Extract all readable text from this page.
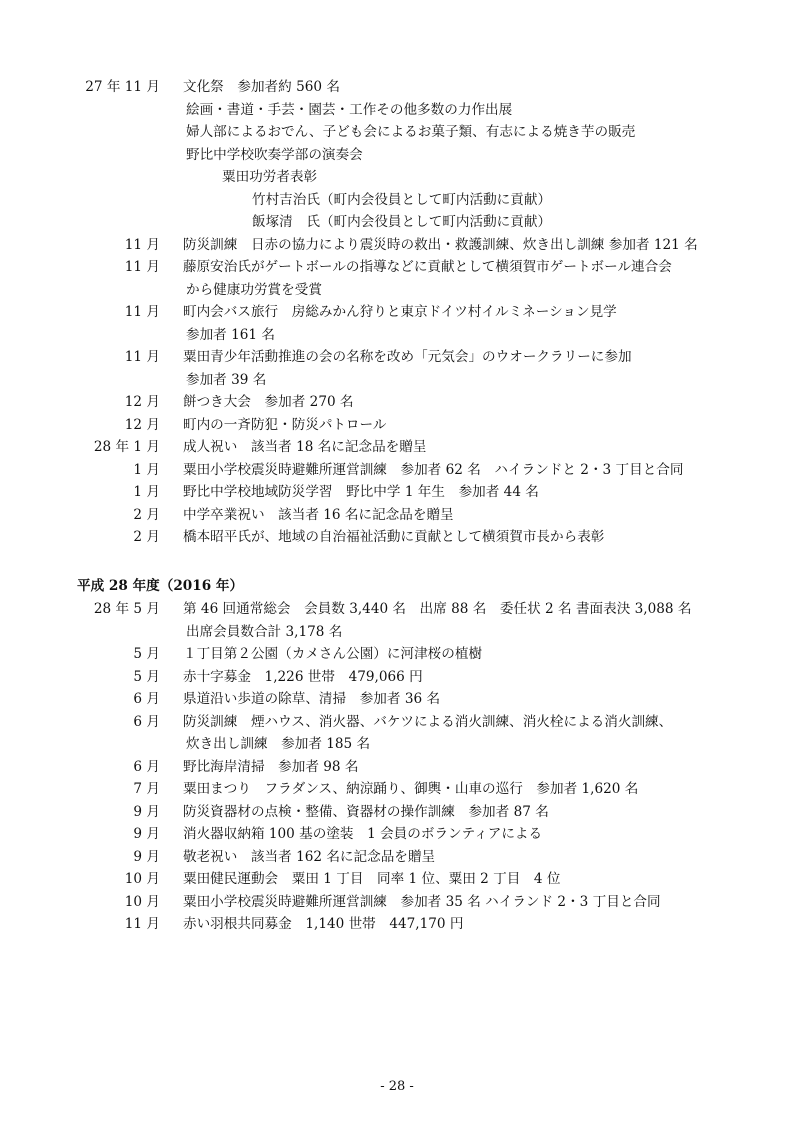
27 年 11 月 文化祭　参加者約 560 名
絵画・書道・手芸・園芸・工作その他多数の力作出展
婦人部によるおでん、子ども会によるお菓子類、有志による焼き芋の販売
野比中学校吹奏学部の演奏会
粟田功労者表彰
竹村吉治氏（町内会役員として町内活動に貢献）
飯塚清　氏（町内会役員として町内活動に貢献）
11 月 防災訓練　日赤の協力により震災時の救出・救護訓練、炊き出し訓練 参加者 121 名
11 月 藤原安治氏がゲートボールの指導などに貢献として横須賀市ゲートボール連合会
から健康功労賞を受賞
11 月 町内会バス旅行　房総みかん狩りと東京ドイツ村イルミネーション見学
参加者 161 名
11 月 粟田青少年活動推進の会の名称を改め「元気会」のウオークラリーに参加
参加者 39 名
12 月 餅つき大会　参加者 270 名
12 月 町内の一斉防犯・防災パトロール
28 年 1 月 成人祝い　該当者 18 名に記念品を贈呈
1 月 粟田小学校震災時避難所運営訓練　参加者 62 名　ハイランドと 2・3 丁目と合同
1 月 野比中学校地域防災学習　野比中学 1 年生　参加者 44 名
2 月 中学卒業祝い　該当者 16 名に記念品を贈呈
2 月 橋本昭平氏が、地域の自治福祉活動に貢献として横須賀市長から表彰
平成 28 年度（2016 年）
28 年 5 月 第 46 回通常総会　会員数 3,440 名　出席 88 名　委任状 2 名 書面表決 3,088 名
出席会員数合計 3,178 名
5 月 １丁目第２公園（カメさん公園）に河津桜の植樹
5 月 赤十字募金　1,226 世帯　479,066 円
6 月 県道沿い歩道の除草、清掃　参加者 36 名
6 月 防災訓練　煙ハウス、消火器、バケツによる消火訓練、消火栓による消火訓練、
炊き出し訓練　参加者 185 名
6 月 野比海岸清掃　参加者 98 名
7 月 粟田まつり　フラダンス、納涼踊り、御輿・山車の巡行　参加者 1,620 名
9 月 防災資器材の点検・整備、資器材の操作訓練　参加者 87 名
9 月 消火器収納箱 100 基の塗装　1 会員のボランティアによる
9 月 敬老祝い　該当者 162 名に記念品を贈呈
10 月 粟田健民運動会　粟田 1 丁目　同率 1 位、粟田 2 丁目　4 位
10 月 粟田小学校震災時避難所運営訓練　参加者 35 名 ハイランド 2・3 丁目と合同
11 月 赤い羽根共同募金　1,140 世帯　447,170 円
- 28 -
